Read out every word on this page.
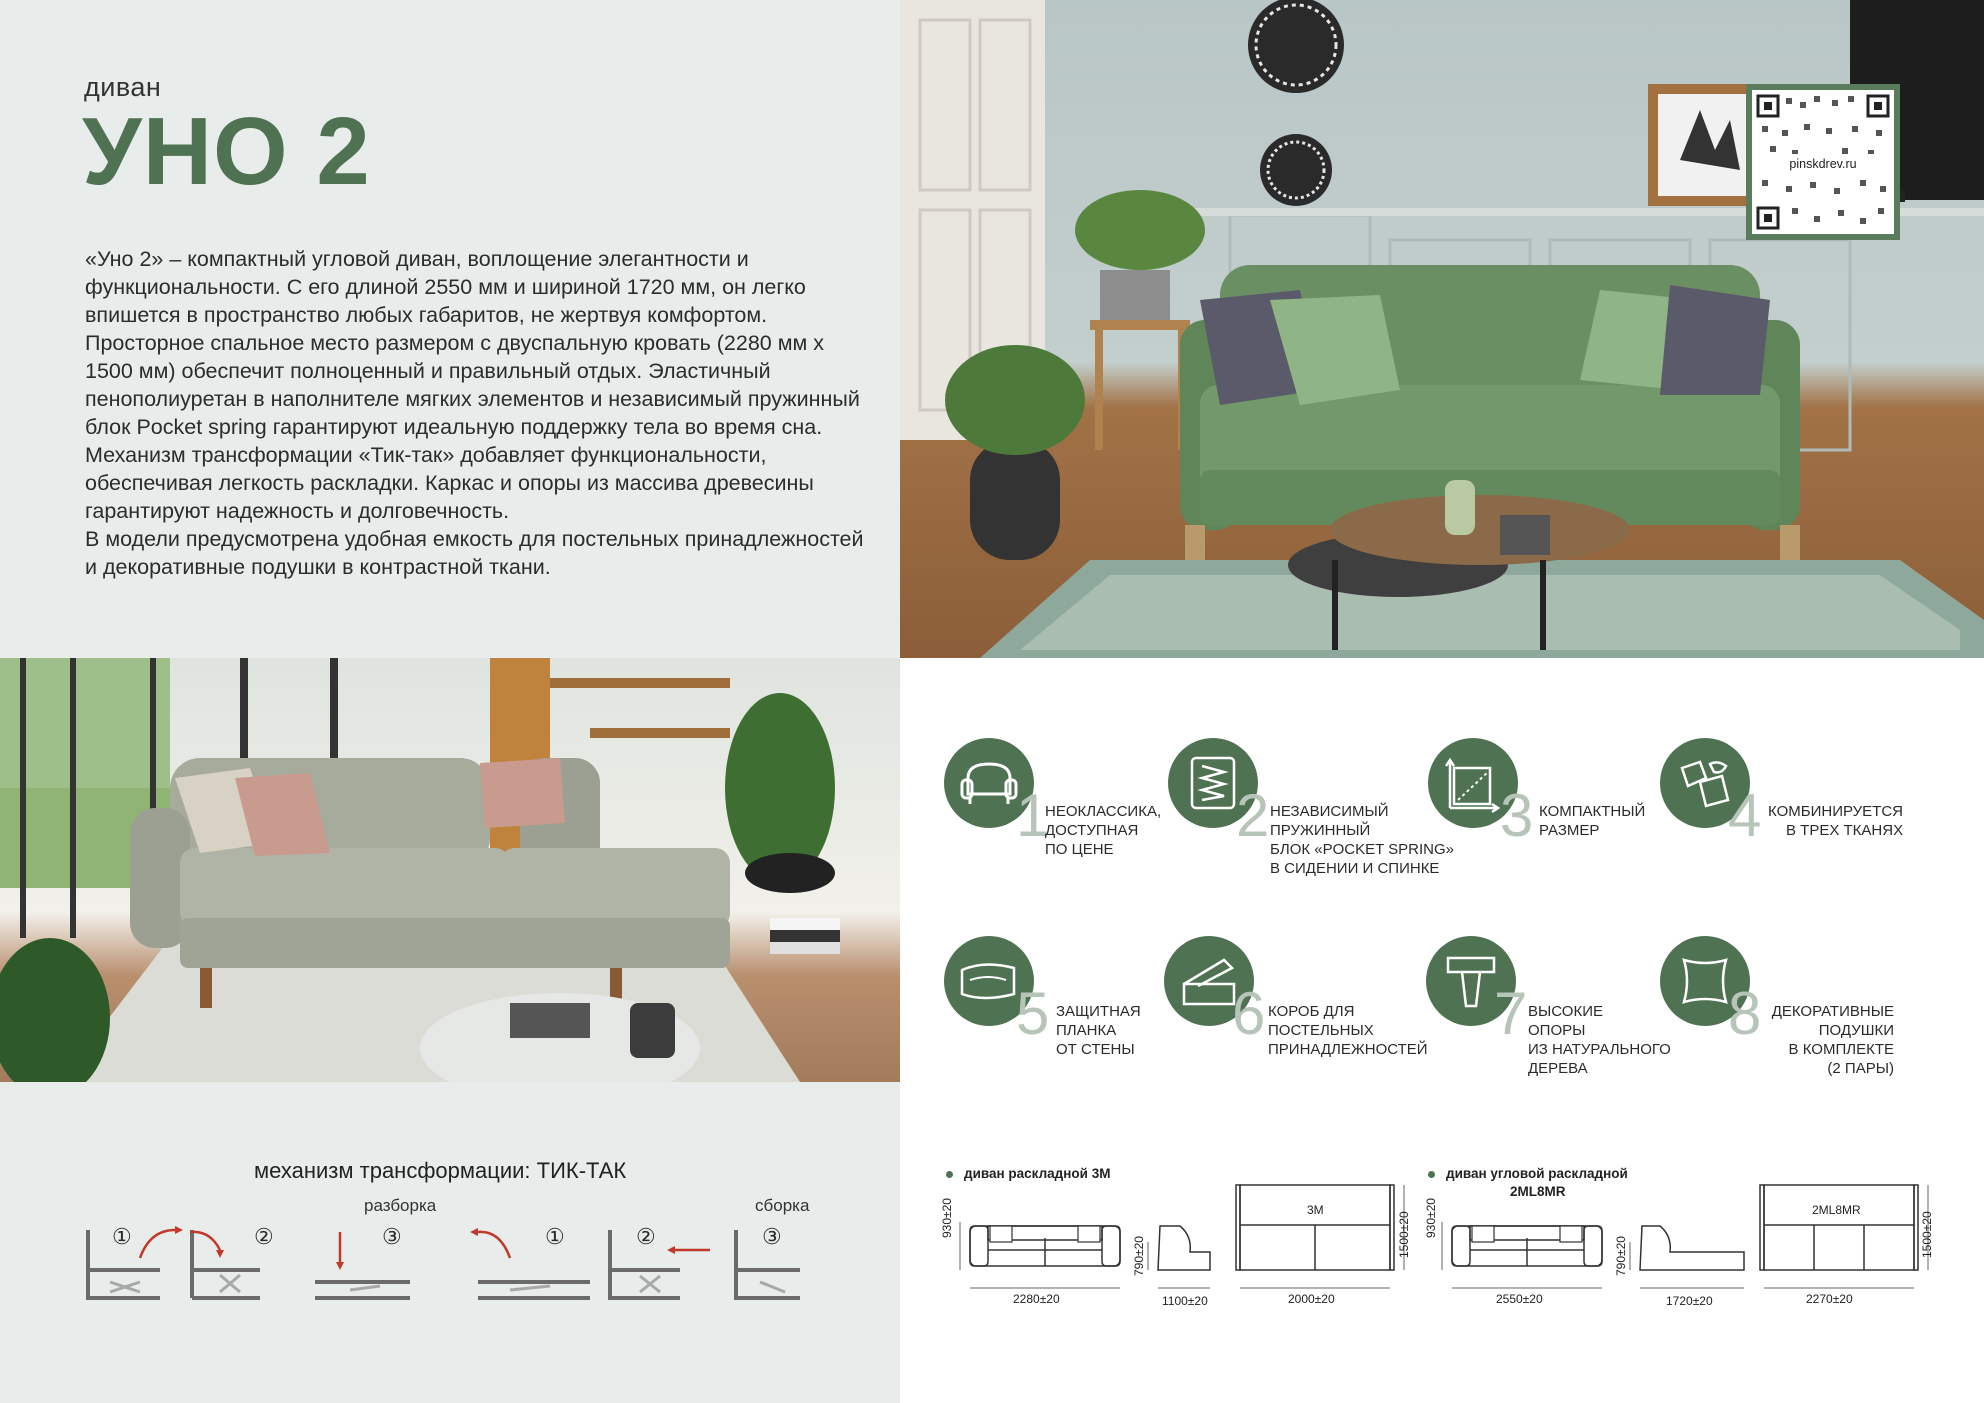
диван
УНО 2

«Уно 2» – компактный угловой диван, воплощение элегантности и функциональности. С его длиной 2550 мм и шириной 1720 мм, он легко впишется в пространство любых габаритов, не жертвуя комфортом. Просторное спальное место размером с двуспальную кровать (2280 мм х 1500 мм) обеспечит полноценный и правильный отдых. Эластичный пенополиуретан в наполнителе мягких элементов и независимый пружинный блок Pocket spring гарантируют идеальную поддержку тела во время сна. Механизм трансформации «Тик-так» добавляет функциональности, обеспечивая легкость раскладки. Каркас и опоры из массива древесины гарантируют надежность и долговечность.

В модели предусмотрена удобная емкость для постельных принадлежностей и декоративные подушки в контрастной ткани.

pinskdrev.ru
механизм трансформации: ТИК-ТАК
разборка	сборка
①	②	③	①	②	③
1
НЕОКЛАССИКА,
ДОСТУПНАЯ
ПО ЦЕНЕ
2 НЕЗАВИСИМЫЙ
ПРУЖИННЫЙ
БЛОК «POCKET SPRING»
В СИДЕНИИ И СПИНКЕ
3 КОМПАКТНЫЙ
РАЗМЕР	4 КОМБИНИРУЕТСЯ
В ТРЕХ ТКАНЯХ
5 ЗАЩИТНАЯ
ПЛАНКА
ОТ СТЕНЫ
6 КОРОБ ДЛЯ
ПОСТЕЛЬНЫХ
ПРИНАДЛЕЖНОСТЕЙ
7 ВЫСОКИЕ
ОПОРЫ
ИЗ НАТУРАЛЬНОГО
ДЕРЕВА
8 ДЕКОРАТИВНЫЕ
ПОДУШКИ
В КОМПЛЕКТЕ
(2 ПАРЫ)
диван раскладной 3М
930±20
2280±20
790±20
1100±20
3М
2000±20
1500±20
диван угловой раскладной
2ML8MR
930±20
2550±20
790±20
1720±20
2ML8MR
2270±20
1500±20
